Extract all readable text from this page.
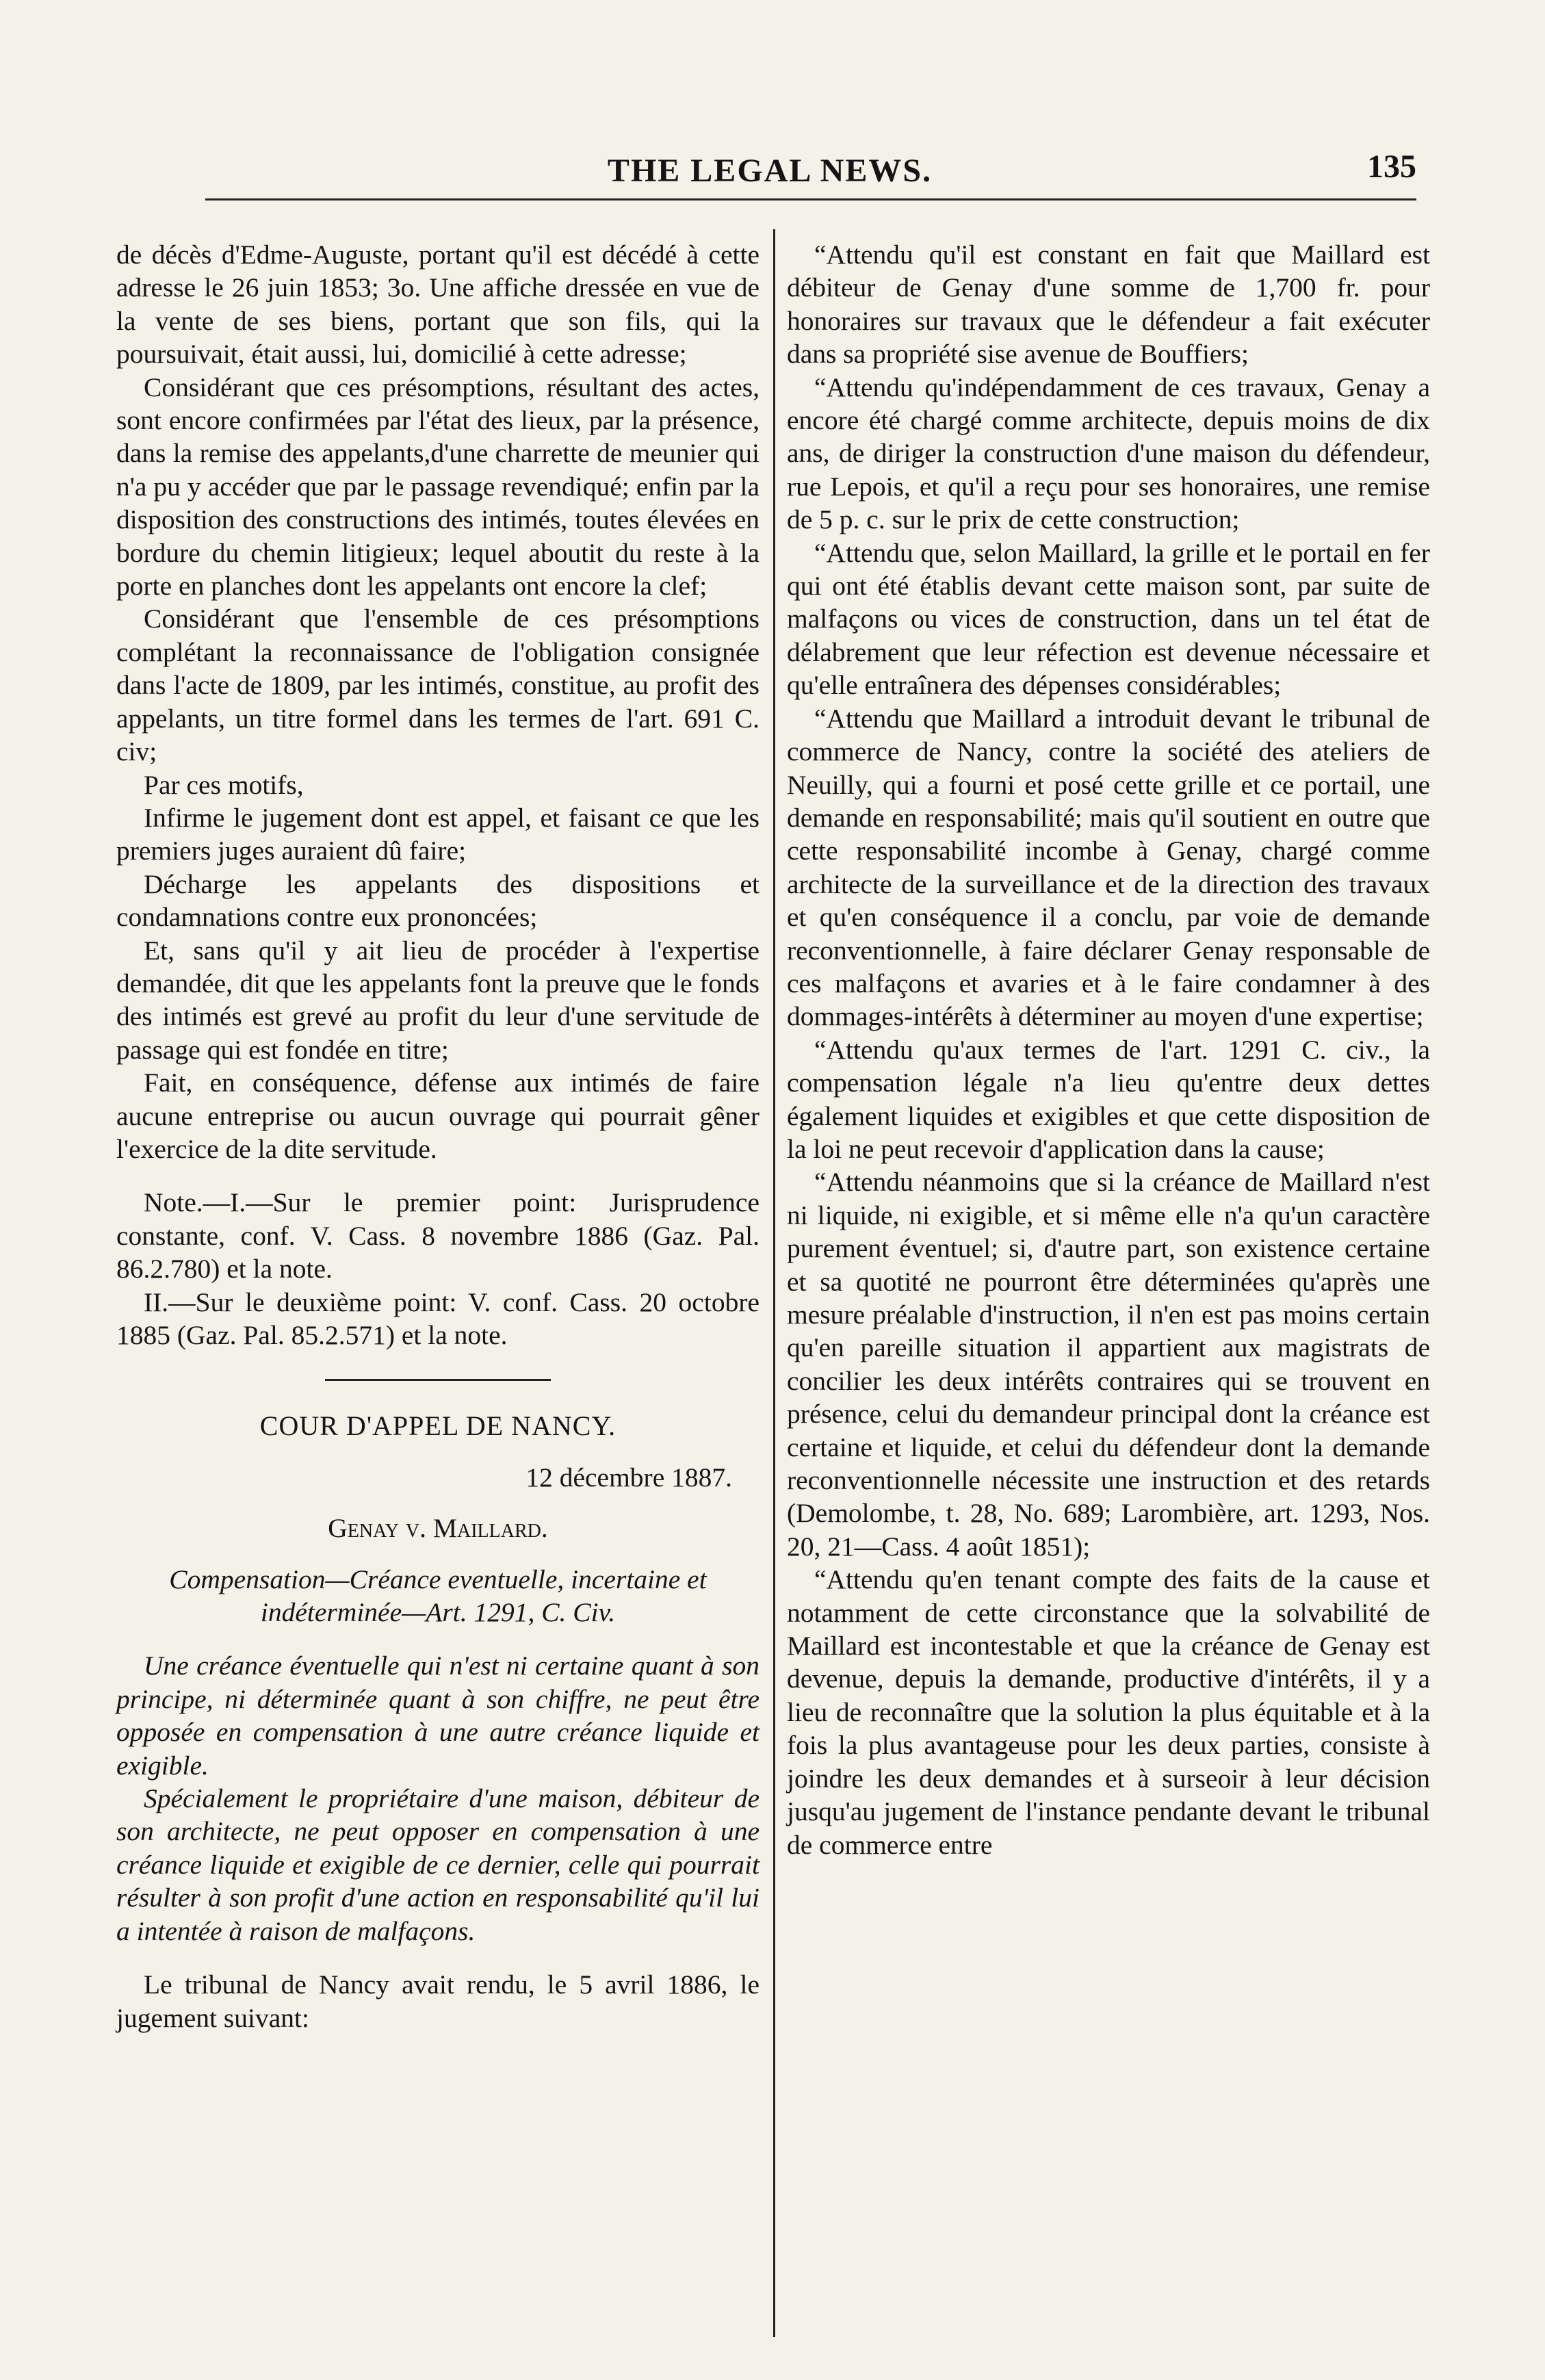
THE LEGAL NEWS.	135

de décès d'Edme-Auguste, portant qu'il est décédé à cette adresse le 26 juin 1853; 3o. Une affiche dressée en vue de la vente de ses biens, portant que son fils, qui la poursuivait, était aussi, lui, domicilié à cette adresse;

Considérant que ces présomptions, résultant des actes, sont encore confirmées par l'état des lieux, par la présence, dans la remise des appelants,d'une charrette de meunier qui n'a pu y accéder que par le passage revendiqué; enfin par la disposition des constructions des intimés, toutes élevées en bordure du chemin litigieux; lequel aboutit du reste à la porte en planches dont les appelants ont encore la clef;

Considérant que l'ensemble de ces présomptions complétant la reconnaissance de l'obligation consignée dans l'acte de 1809, par les intimés, constitue, au profit des appelants, un titre formel dans les termes de l'art. 691 C. civ;

Par ces motifs,

Infirme le jugement dont est appel, et faisant ce que les premiers juges auraient dû faire;

Décharge les appelants des dispositions et condamnations contre eux prononcées;

Et, sans qu'il y ait lieu de procéder à l'expertise demandée, dit que les appelants font la preuve que le fonds des intimés est grevé au profit du leur d'une servitude de passage qui est fondée en titre;

Fait, en conséquence, défense aux intimés de faire aucune entreprise ou aucun ouvrage qui pourrait gêner l'exercice de la dite servitude.

Note.—I.—Sur le premier point: Jurisprudence constante, conf. V. Cass. 8 novembre 1886 (Gaz. Pal. 86.2.780) et la note.

II.—Sur le deuxième point: V. conf. Cass. 20 octobre 1885 (Gaz. Pal. 85.2.571) et la note.

COUR D'APPEL DE NANCY.

12 décembre 1887.

Genay v. Maillard.

Compensation—Créance eventuelle, incertaine et indéterminée—Art. 1291, C. Civ.

Une créance éventuelle qui n'est ni certaine quant à son principe, ni déterminée quant à son chiffre, ne peut être opposée en compensation à une autre créance liquide et exigible.

Spécialement le propriétaire d'une maison, débiteur de son architecte, ne peut opposer en compensation à une créance liquide et exigible de ce dernier, celle qui pourrait résulter à son profit d'une action en responsabilité qu'il lui a intentée à raison de malfaçons.

Le tribunal de Nancy avait rendu, le 5 avril 1886, le jugement suivant:

“Attendu qu'il est constant en fait que Maillard est débiteur de Genay d'une somme de 1,700 fr. pour honoraires sur travaux que le défendeur a fait exécuter dans sa propriété sise avenue de Bouffiers;

“Attendu qu'indépendamment de ces travaux, Genay a encore été chargé comme architecte, depuis moins de dix ans, de diriger la construction d'une maison du défendeur, rue Lepois, et qu'il a reçu pour ses honoraires, une remise de 5 p. c. sur le prix de cette construction;

“Attendu que, selon Maillard, la grille et le portail en fer qui ont été établis devant cette maison sont, par suite de malfaçons ou vices de construction, dans un tel état de délabrement que leur réfection est devenue nécessaire et qu'elle entraînera des dépenses considérables;

“Attendu que Maillard a introduit devant le tribunal de commerce de Nancy, contre la société des ateliers de Neuilly, qui a fourni et posé cette grille et ce portail, une demande en responsabilité; mais qu'il soutient en outre que cette responsabilité incombe à Genay, chargé comme architecte de la surveillance et de la direction des travaux et qu'en conséquence il a conclu, par voie de demande reconventionnelle, à faire déclarer Genay responsable de ces malfaçons et avaries et à le faire condamner à des dommages-intérêts à déterminer au moyen d'une expertise;

“Attendu qu'aux termes de l'art. 1291 C. civ., la compensation légale n'a lieu qu'entre deux dettes également liquides et exigibles et que cette disposition de la loi ne peut recevoir d'application dans la cause;

“Attendu néanmoins que si la créance de Maillard n'est ni liquide, ni exigible, et si même elle n'a qu'un caractère purement éventuel; si, d'autre part, son existence certaine et sa quotité ne pourront être déterminées qu'après une mesure préalable d'instruction, il n'en est pas moins certain qu'en pareille situation il appartient aux magistrats de concilier les deux intérêts contraires qui se trouvent en présence, celui du demandeur principal dont la créance est certaine et liquide, et celui du défendeur dont la demande reconventionnelle nécessite une instruction et des retards (Demolombe, t. 28, No. 689; Larombière, art. 1293, Nos. 20, 21—Cass. 4 août 1851);

“Attendu qu'en tenant compte des faits de la cause et notamment de cette circonstance que la solvabilité de Maillard est incontestable et que la créance de Genay est devenue, depuis la demande, productive d'intérêts, il y a lieu de reconnaître que la solution la plus équitable et à la fois la plus avantageuse pour les deux parties, consiste à joindre les deux demandes et à surseoir à leur décision jusqu'au jugement de l'instance pendante devant le tribunal de commerce entre
